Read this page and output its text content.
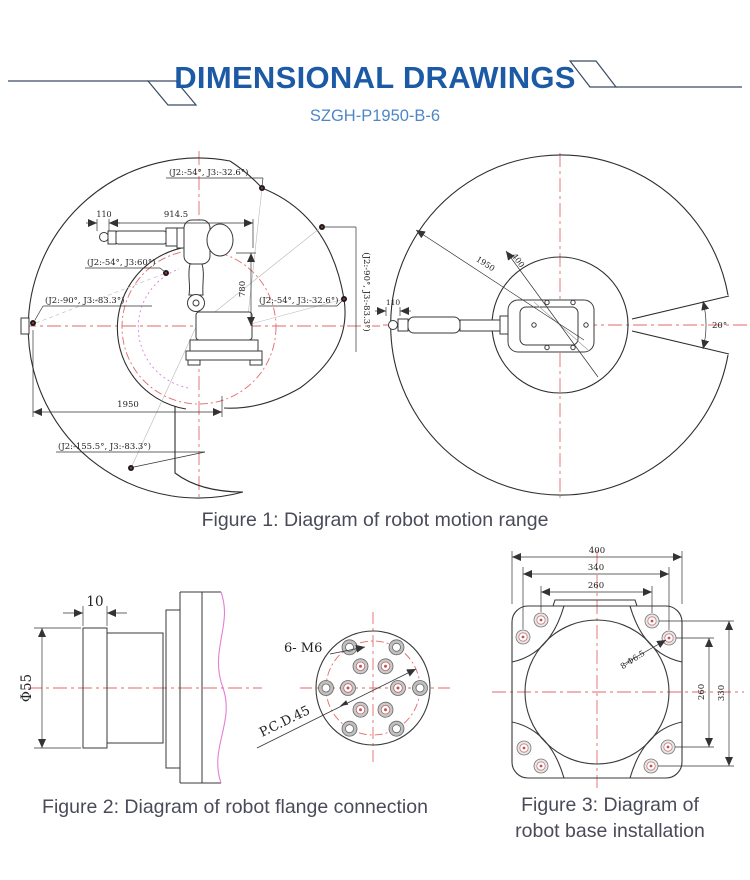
DIMENSIONAL DRAWINGS
SZGH-P1950-B-6
110	914.5
780
1950
(J2:-54°, J3:-32.6°)
(J2:-54°, J3:60°)
(J2:-90°, J3:-83.3°)	(J2:-54°, J3:-32.6°)	(J2:-90°, J3:-83.3°)
(J2:-155.5°, J3:-83.3°)
1950 400
20°
110
Figure 1: Diagram of robot motion range
10
Φ55
6- M6
P.C.D.45
400
340
260
260 330
8-Φ6.5
Figure 2: Diagram of robot flange connection	Figure 3: Diagram of
robot base installation
